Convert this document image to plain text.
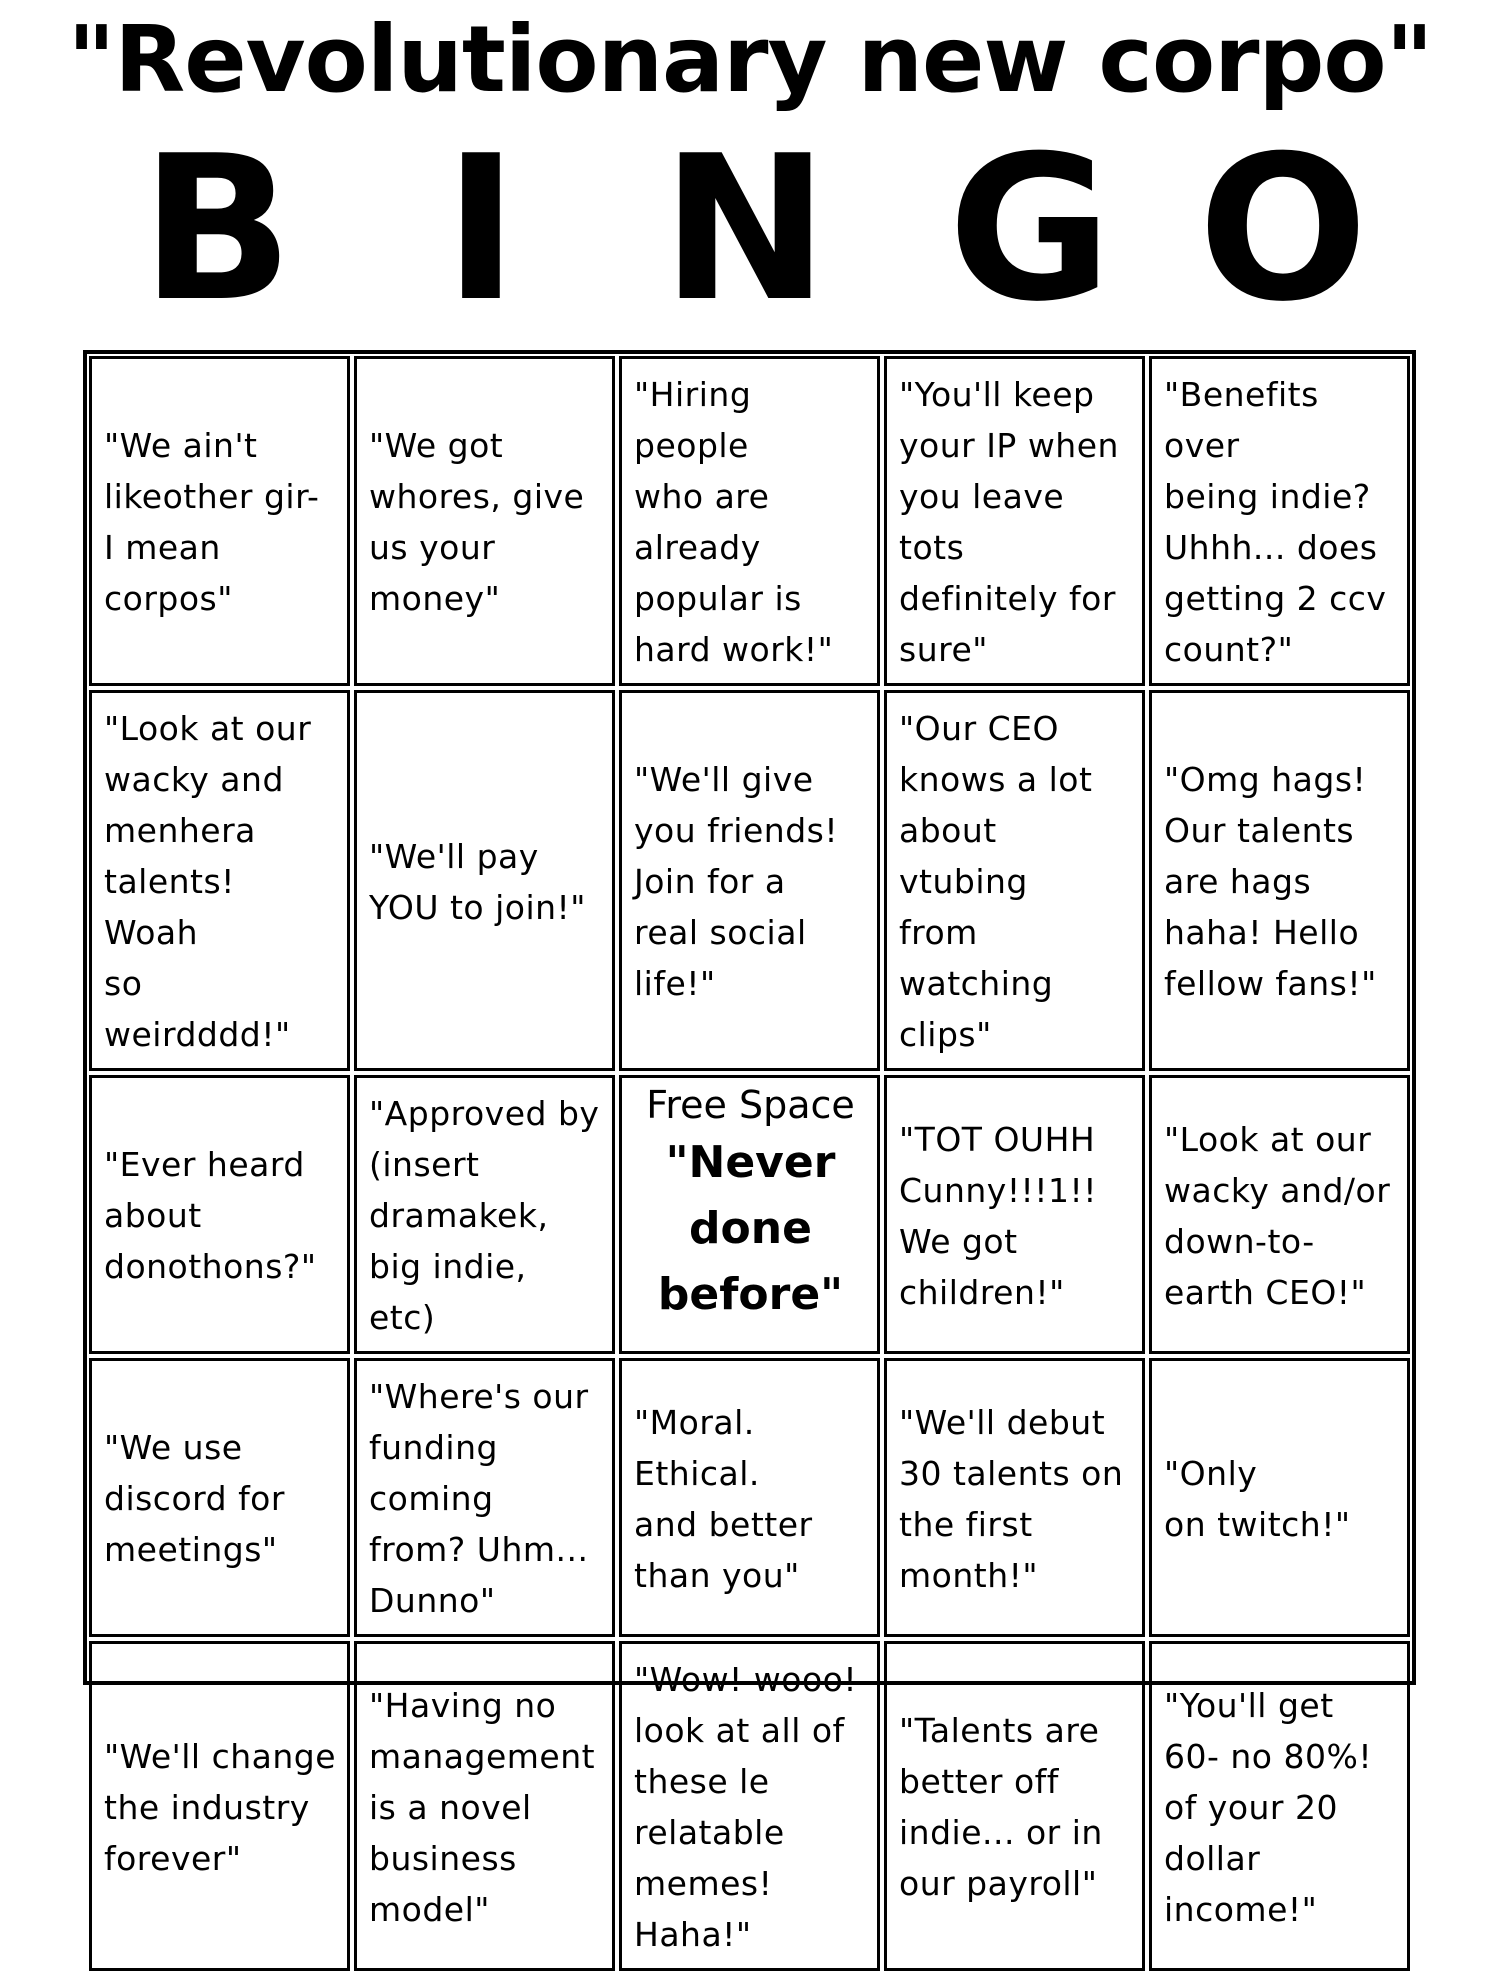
"Revolutionary new corpo"
B I N G O
"We ain't
likeother gir-
I mean
corpos"
"We got
whores, give
us your
money"
"Hiring people
who are
already
popular is
hard work!"
"You'll keep
your IP when
you leave tots
definitely for
sure"
"Benefits over
being indie?
Uhhh... does
getting 2 ccv
count?"
"Look at our
wacky and
menhera
talents! Woah
so weirdddd!"
"We'll pay
YOU to join!"
"We'll give
you friends!
Join for a
real social
life!"
"Our CEO
knows a lot
about vtubing
from watching
clips"
"Omg hags!
Our talents
are hags
haha! Hello
fellow fans!"
"Ever heard
about
donothons?"
"Approved by
(insert
dramakek,
big indie, etc)
Free Space
"Never
done
before"
"TOT OUHH
Cunny!!!1!!
We got
children!"
"Look at our
wacky and/or
down-to-
earth CEO!"
"We use
discord for
meetings"
"Where's our
funding coming
from? Uhm...
Dunno"
"Moral.
Ethical.
and better
than you"
"We'll debut
30 talents on
the first
month!"
"Only
on twitch!"
"We'll change
the industry
forever"
"Having no
management
is a novel
business
model"
"Wow! wooo!
look at all of
these le
relatable
memes! Haha!"
"Talents are
better off
indie... or in
our payroll"
"You'll get
60- no 80%!
of your 20
dollar income!"
